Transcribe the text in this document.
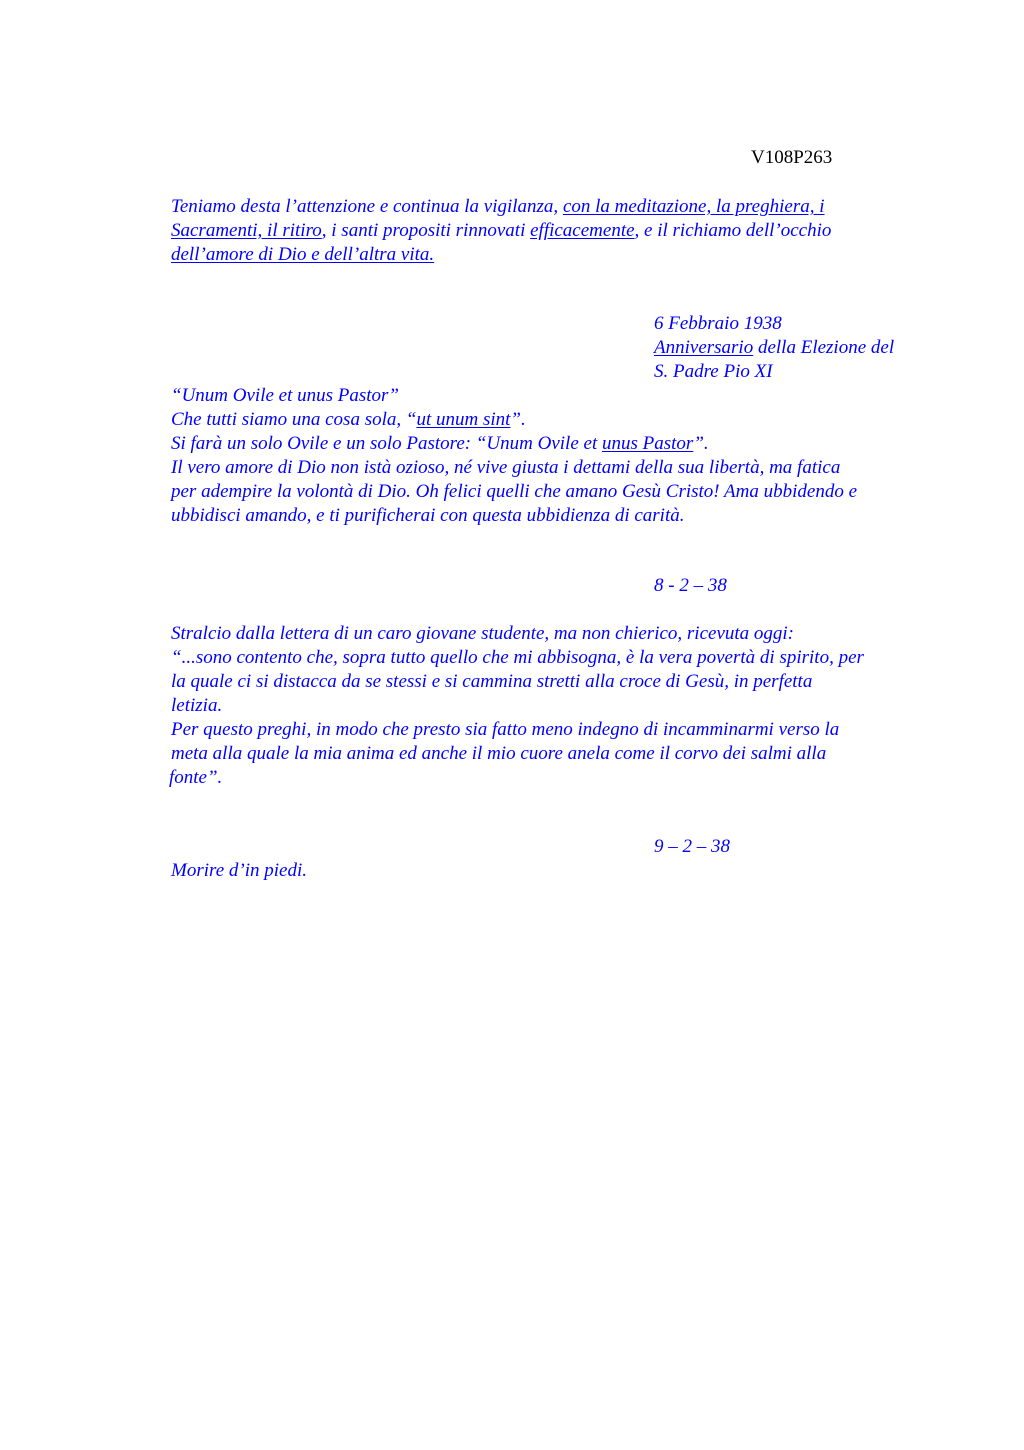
V108P263

Teniamo desta l’attenzione e continua la vigilanza, con la meditazione, la preghiera, i

Sacramenti, il ritiro, i santi propositi rinnovati efficacemente, e il richiamo dell’occhio

dell’amore di Dio e dell’altra vita.

6 Febbraio 1938

Anniversario della Elezione del

S. Padre Pio XI

“Unum Ovile et unus Pastor”

Che tutti siamo una cosa sola, “ut unum sint”.

Si farà un solo Ovile e un solo Pastore: “Unum Ovile et unus Pastor”.

Il vero amore di Dio non istà ozioso, né vive giusta i dettami della sua libertà, ma fatica

per adempire la volontà di Dio. Oh felici quelli che amano Gesù Cristo! Ama ubbidendo e

ubbidisci amando, e ti purificherai con questa ubbidienza di carità.

8 - 2 – 38

Stralcio dalla lettera di un caro giovane studente, ma non chierico, ricevuta oggi:

“...sono contento che, sopra tutto quello che mi abbisogna, è la vera povertà di spirito, per

la quale ci si distacca da se stessi e si cammina stretti alla croce di Gesù, in perfetta

letizia.

Per questo preghi, in modo che presto sia fatto meno indegno di incamminarmi verso la

meta alla quale la mia anima ed anche il mio cuore anela come il corvo dei salmi alla

fonte”.

9 – 2 – 38

Morire d’in piedi.
